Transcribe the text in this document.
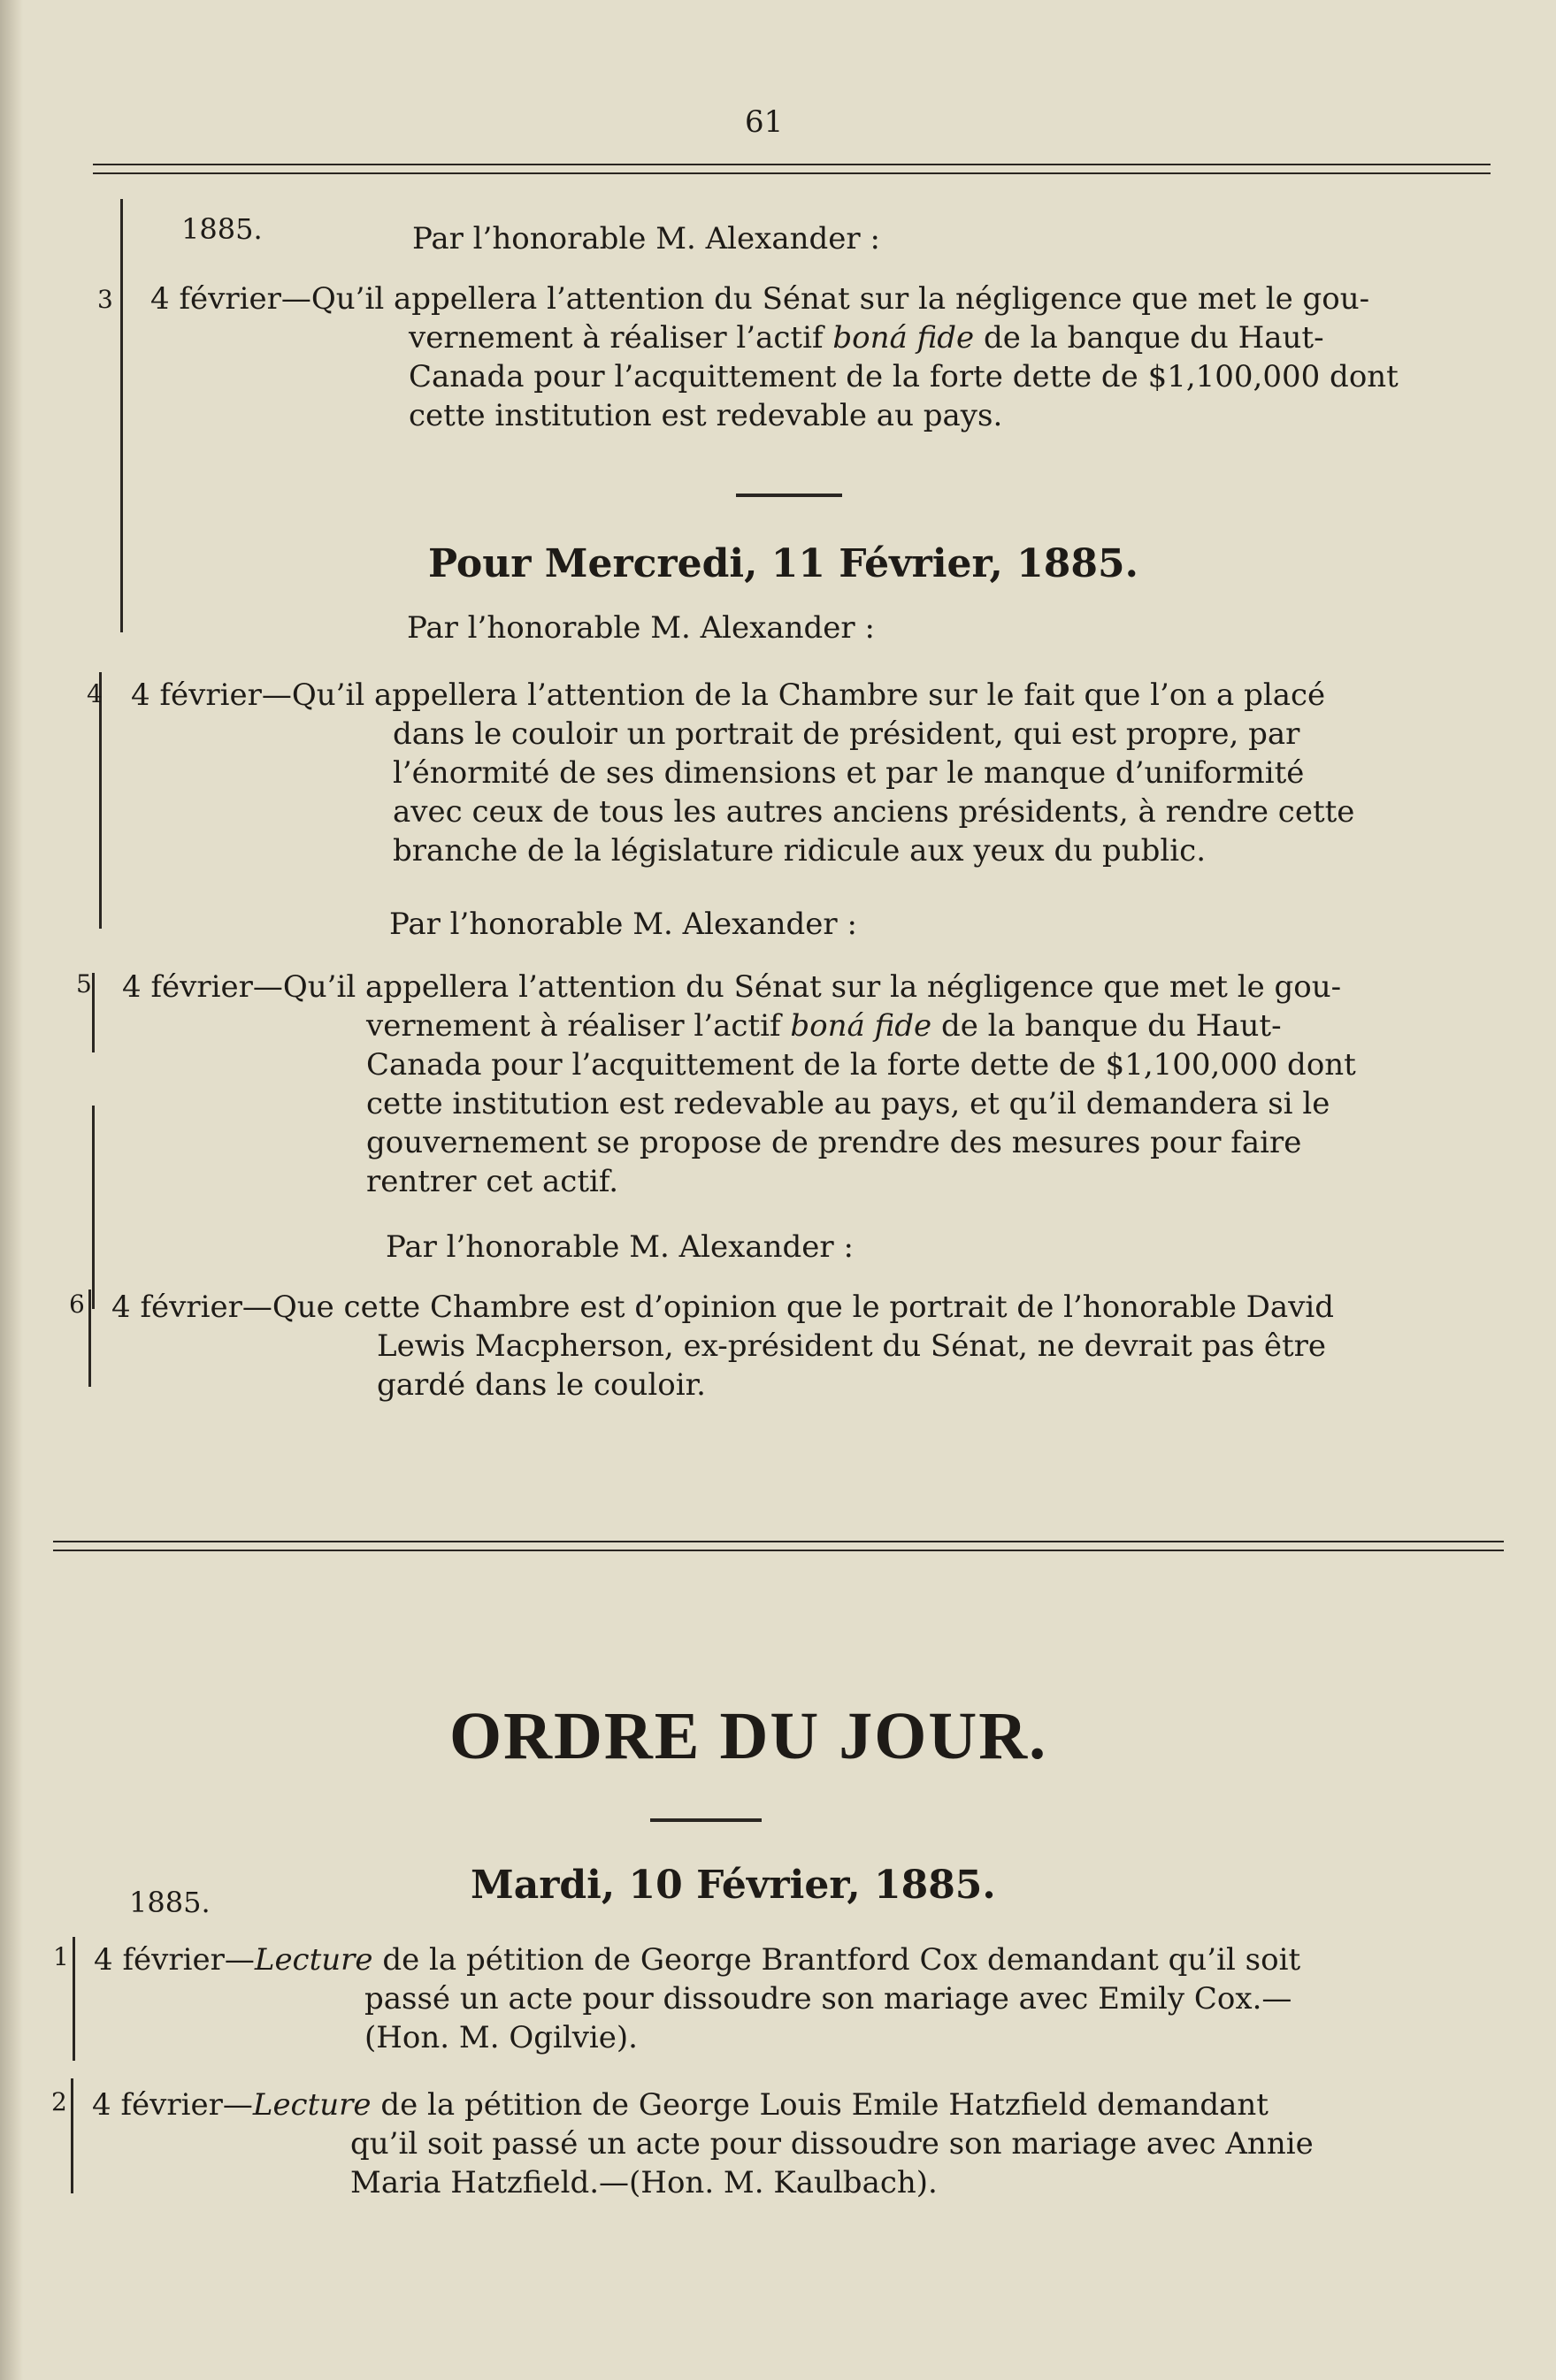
61
1885.	Par l’honorable M. Alexander :
3 4 février—Qu’il appellera l’attention du Sénat sur la négligence que met le gou-
vernement à réaliser l’actif boná fide de la banque du Haut-
Canada pour l’acquittement de la forte dette de $1,100,000 dont
cette institution est redevable au pays.
Pour Mercredi, 11 Février, 1885.
Par l’honorable M. Alexander :
4 4 février—Qu’il appellera l’attention de la Chambre sur le fait que l’on a placé
dans le couloir un portrait de président, qui est propre, par
l’énormité de ses dimensions et par le manque d’uniformité
avec ceux de tous les autres anciens présidents, à rendre cette
branche de la législature ridicule aux yeux du public.
Par l’honorable M. Alexander :
5 4 février—Qu’il appellera l’attention du Sénat sur la négligence que met le gou-
vernement à réaliser l’actif boná fide de la banque du Haut-
Canada pour l’acquittement de la forte dette de $1,100,000 dont
cette institution est redevable au pays, et qu’il demandera si le
gouvernement se propose de prendre des mesures pour faire
rentrer cet actif.
Par l’honorable M. Alexander :
6 4 février—Que cette Chambre est d’opinion que le portrait de l’honorable David
Lewis Macpherson, ex-président du Sénat, ne devrait pas être
gardé dans le couloir.
ORDRE DU JOUR.
Mardi, 10 Février, 1885.
1885.
1 4 février—Lecture de la pétition de George Brantford Cox demandant qu’il soit
passé un acte pour dissoudre son mariage avec Emily Cox.—
(Hon. M. Ogilvie).
2 4 février—Lecture de la pétition de George Louis Emile Hatzfield demandant
qu’il soit passé un acte pour dissoudre son mariage avec Annie
Maria Hatzfield.—(Hon. M. Kaulbach).
